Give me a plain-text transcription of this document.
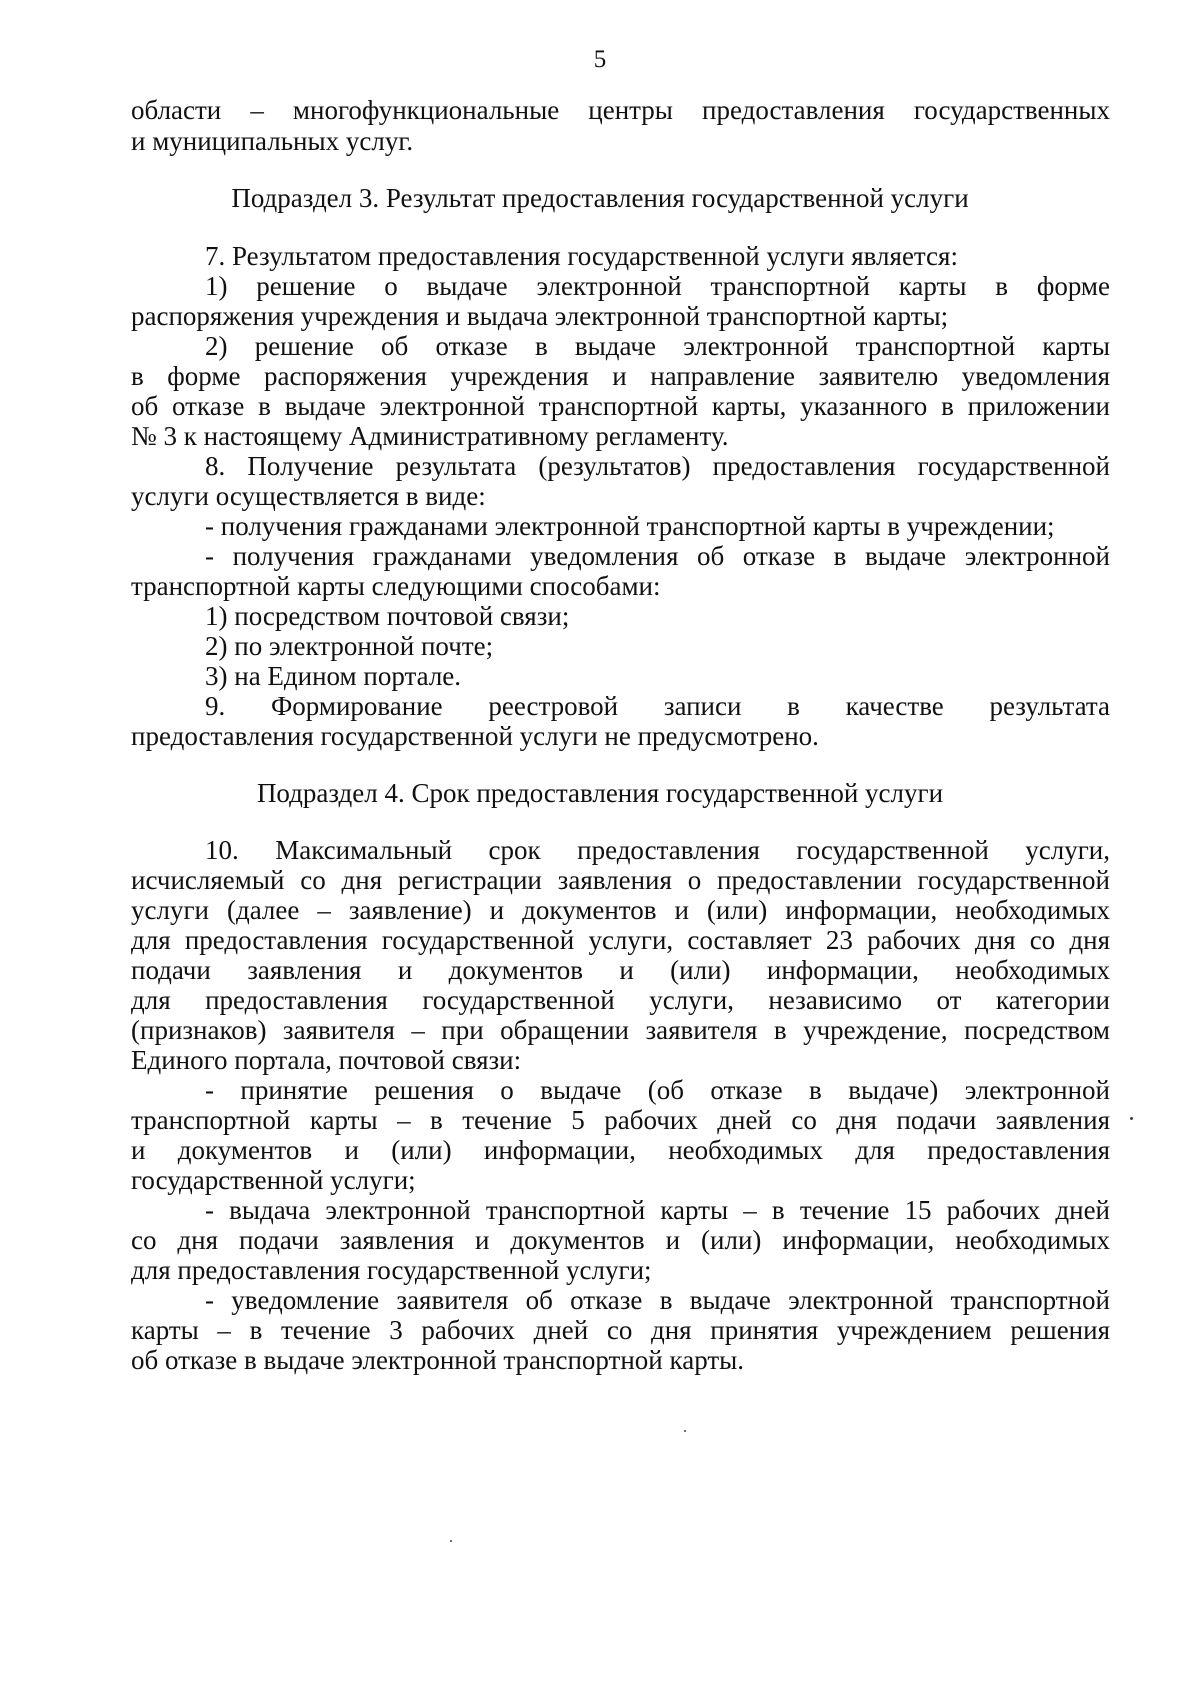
5
области – многофункциональные центры предоставления государственных
и муниципальных услуг.
Подраздел 3. Результат предоставления государственной услуги
7. Результатом предоставления государственной услуги является:
1) решение о выдаче электронной транспортной карты в форме
распоряжения учреждения и выдача электронной транспортной карты;
2) решение об отказе в выдаче электронной транспортной карты
в форме распоряжения учреждения и направление заявителю уведомления
об отказе в выдаче электронной транспортной карты, указанного в приложении
№ 3 к настоящему Административному регламенту.
8. Получение результата (результатов) предоставления государственной
услуги осуществляется в виде:
- получения гражданами электронной транспортной карты в учреждении;
- получения гражданами уведомления об отказе в выдаче электронной
транспортной карты следующими способами:
1) посредством почтовой связи;
2) по электронной почте;
3) на Едином портале.
9. Формирование реестровой записи в качестве результата
предоставления государственной услуги не предусмотрено.
Подраздел 4. Срок предоставления государственной услуги
10. Максимальный срок предоставления государственной услуги,
исчисляемый со дня регистрации заявления о предоставлении государственной
услуги (далее – заявление) и документов и (или) информации, необходимых
для предоставления государственной услуги, составляет 23 рабочих дня со дня
подачи заявления и документов и (или) информации, необходимых
для предоставления государственной услуги, независимо от категории
(признаков) заявителя – при обращении заявителя в учреждение, посредством
Единого портала, почтовой связи:
- принятие решения о выдаче (об отказе в выдаче) электронной
транспортной карты – в течение 5 рабочих дней со дня подачи заявления
и документов и (или) информации, необходимых для предоставления
государственной услуги;
- выдача электронной транспортной карты – в течение 15 рабочих дней
со дня подачи заявления и документов и (или) информации, необходимых
для предоставления государственной услуги;
- уведомление заявителя об отказе в выдаче электронной транспортной
карты – в течение 3 рабочих дней со дня принятия учреждением решения
об отказе в выдаче электронной транспортной карты.
